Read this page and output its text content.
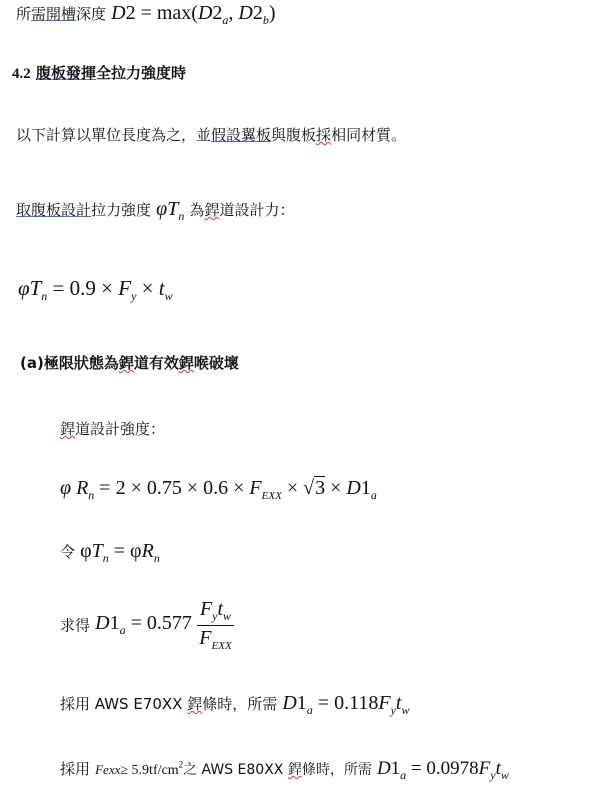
所需開槽深度 $D2 = \max(D2_a$, $D2_b$)
4.2 腹板發揮全拉力強度時
以下計算以單位長度為之，並假設翼板與腹板採相同材質。
取腹板設計拉力強度 $\varphi T_n$ 為銲道設計力：
$\varphi T_n = 0.9 \times F_y \times t_w$
(a)極限狀態為銲道有效銲喉破壞
銲道設計強度：
φ $R_n = 2 \times 0.75 \times 0.6 \times F_{EXX} \times √3 \times D1_a$
令 $\varphi T_n = \varphi R_n$
求得 $D1_a = 0.577 \frac{F_yt_w}{F_{EXX}}$
採用 AWS E70XX 銲條時，所需 $D1_a = 0.118F_yt_w$
採用 Fexx≥ $5.9tf/cm^2$之 AWS E80XX 銲條時，所需 $D1_a = 0.0978F_yt_w$
